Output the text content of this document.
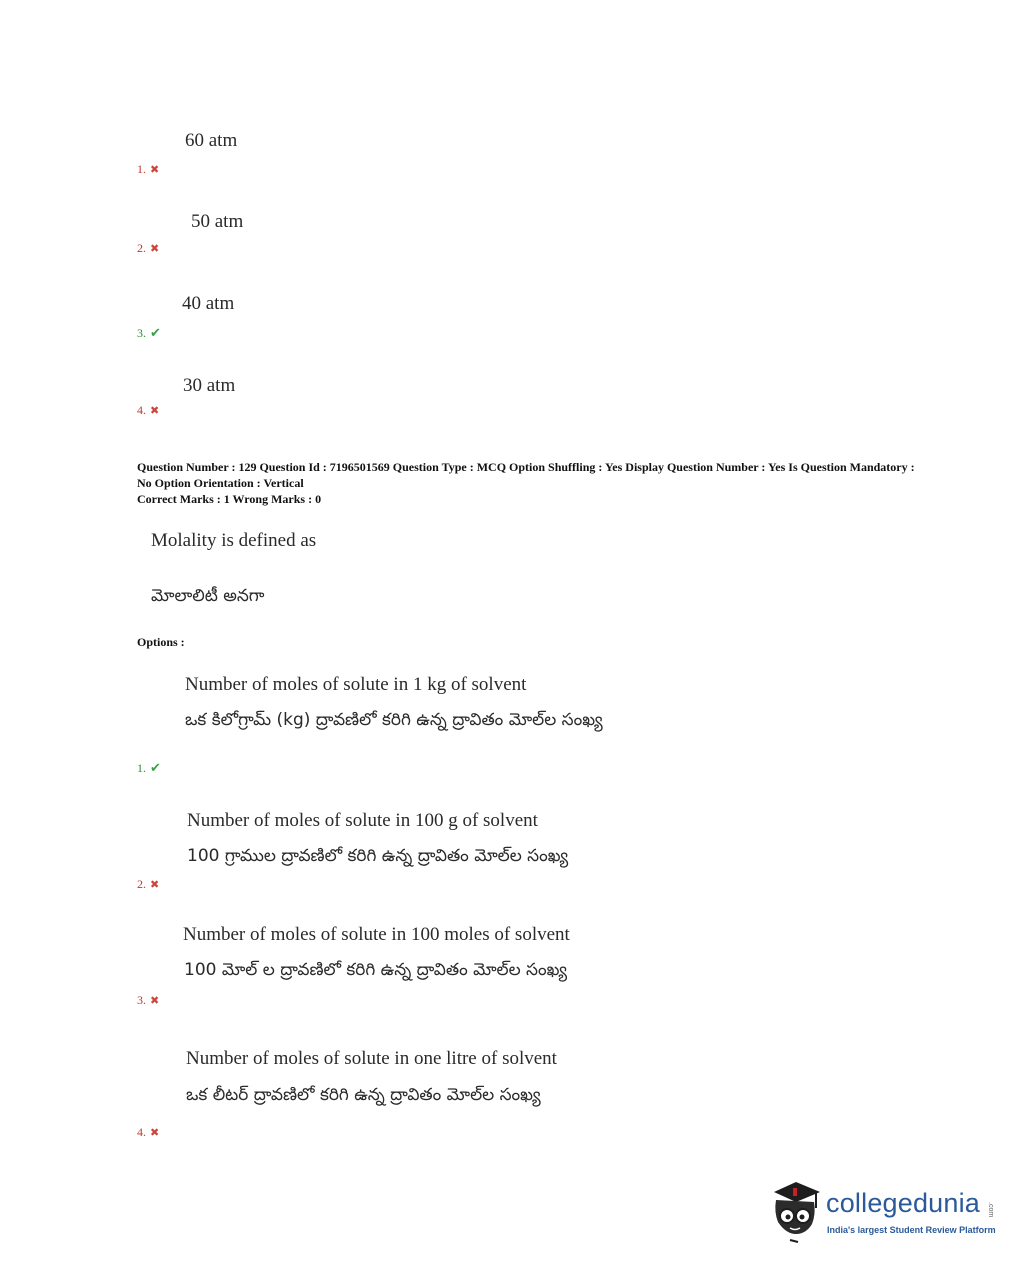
60 atm
1. ✖
50 atm
2. ✖
40 atm
3. ✔
30 atm
4. ✖
Question Number : 129 Question Id : 7196501569 Question Type : MCQ Option Shuffling : Yes Display Question Number : Yes Is Question Mandatory : No Option Orientation : Vertical
Correct Marks : 1 Wrong Marks : 0
Molality is defined as
మోలాలిటీ అనగా
Options :
Number of moles of solute in 1 kg of solvent
ఒక కిలోగ్రామ్ (kg) ద్రావణిలో కరిగి ఉన్న ద్రావితం మోల్‌ల సంఖ్య
1. ✔
Number of moles of solute in 100 g of solvent
100 గ్రాముల ద్రావణిలో కరిగి ఉన్న ద్రావితం మోల్‌ల సంఖ్య
2. ✖
Number of moles of solute in 100 moles of solvent
100 మోల్ ల ద్రావణిలో కరిగి ఉన్న ద్రావితం మోల్‌ల సంఖ్య
3. ✖
Number of moles of solute in one litre of solvent
ఒక లీటర్ ద్రావణిలో కరిగి ఉన్న ద్రావితం మోల్‌ల సంఖ్య
4. ✖
collegedunia .com
India's largest Student Review Platform
